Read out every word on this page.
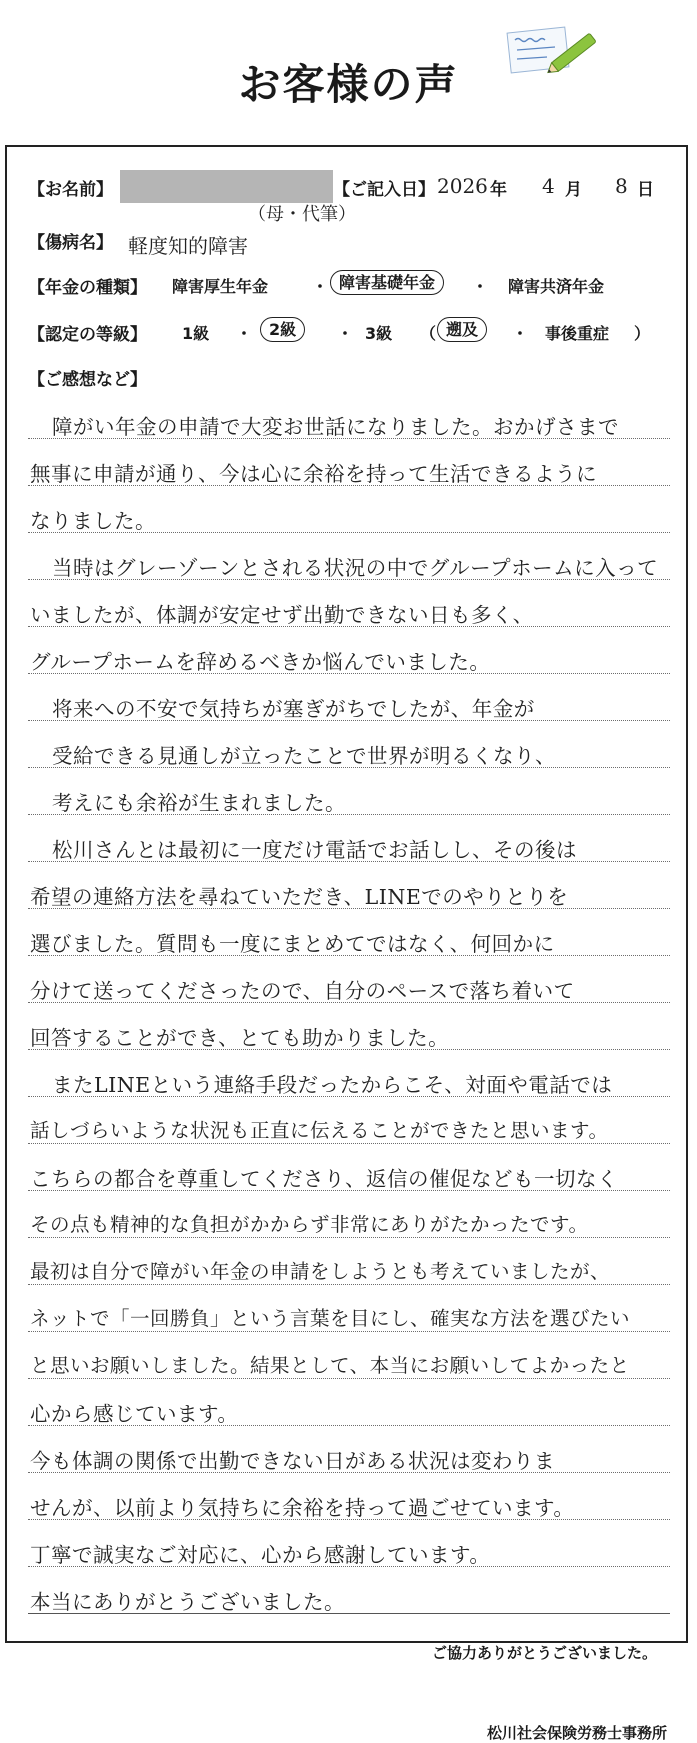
お客様の声
【お名前】	【ご記入日】 2026 年 4 月 8 日
（母・代筆）
【傷病名】 軽度知的障害
【年金の種類】 障害厚生年金	・ 障害基礎年金	・ 障害共済年金
【認定の等級】 1級 ・	2級	・ 3級 （ 遡及	・ 事後重症 ）
【ご感想など】
障がい年金の申請で大変お世話になりました。おかげさまで
無事に申請が通り、今は心に余裕を持って生活できるように
なりました。
当時はグレーゾーンとされる状況の中でグループホームに入って
いましたが、体調が安定せず出勤できない日も多く、
グループホームを辞めるべきか悩んでいました。
将来への不安で気持ちが塞ぎがちでしたが、年金が
受給できる見通しが立ったことで世界が明るくなり、
考えにも余裕が生まれました。
松川さんとは最初に一度だけ電話でお話しし、その後は
希望の連絡方法を尋ねていただき、LINEでのやりとりを
選びました。質問も一度にまとめてではなく、何回かに
分けて送ってくださったので、自分のペースで落ち着いて
回答することができ、とても助かりました。
またLINEという連絡手段だったからこそ、対面や電話では
話しづらいような状況も正直に伝えることができたと思います。
こちらの都合を尊重してくださり、返信の催促なども一切なく
その点も精神的な負担がかからず非常にありがたかったです。
最初は自分で障がい年金の申請をしようとも考えていましたが、
ネットで「一回勝負」という言葉を目にし、確実な方法を選びたい
と思いお願いしました。結果として、本当にお願いしてよかったと
心から感じています。
今も体調の関係で出勤できない日がある状況は変わりま
せんが、以前より気持ちに余裕を持って過ごせています。
丁寧で誠実なご対応に、心から感謝しています。
本当にありがとうございました。
ご協力ありがとうございました。
松川社会保険労務士事務所
